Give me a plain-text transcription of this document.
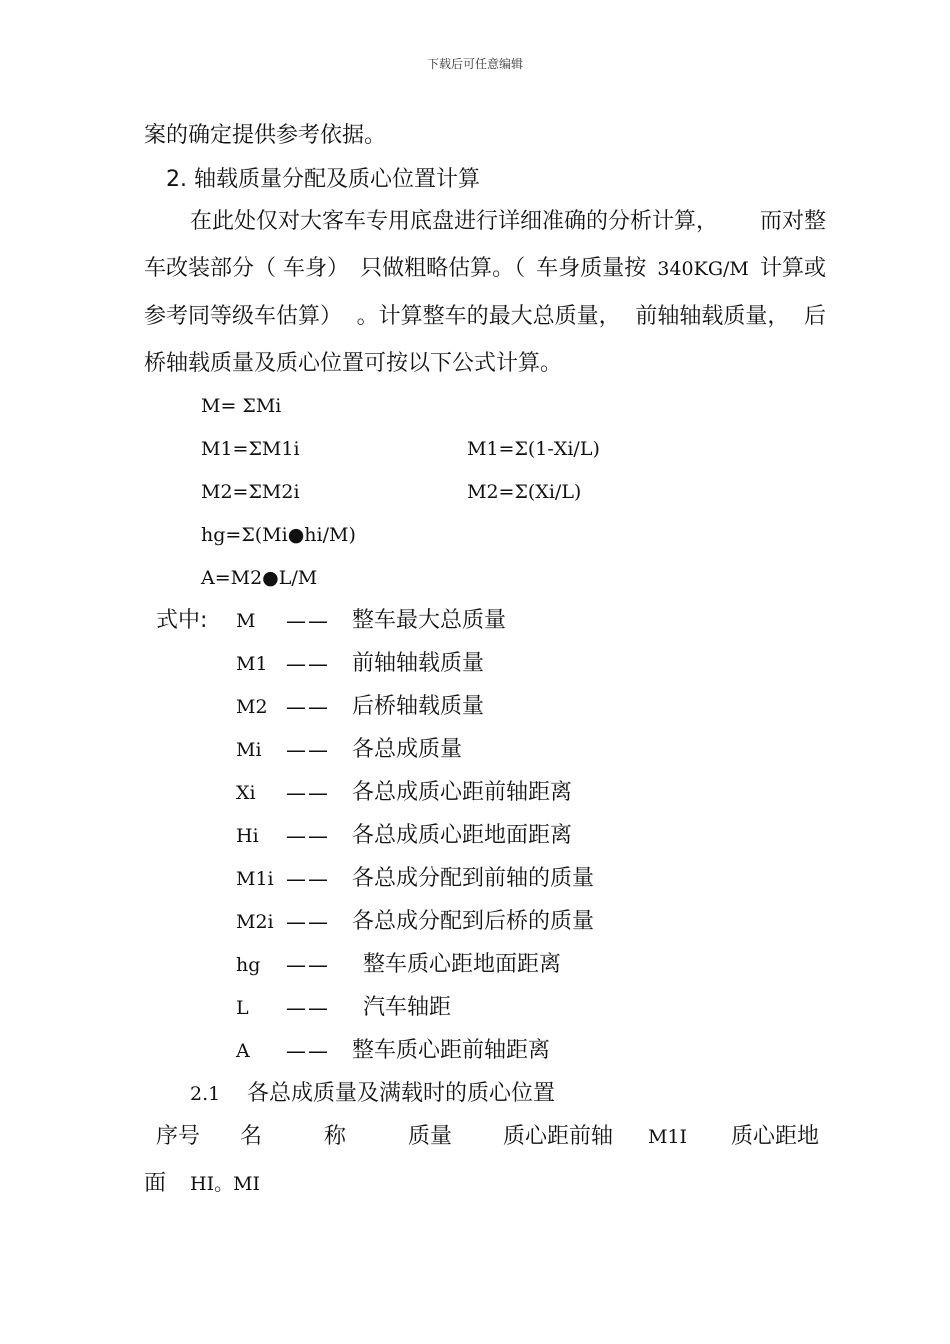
下载后可任意编辑
案的确定提供参考依据。
2. 轴载质量分配及质心位置计算
在此处仅对大客车专用底盘进行详细准确的分析计算， 而对整
车改装部分（ 车身） 只做粗略估算。（ 车身质量按 340KG/M 计算或
参考同等级车估算） 。计算整车的最大总质量， 前轴轴载质量， 后
桥轴载质量及质心位置可按以下公式计算。
M= ΣMi
M1=ΣM1i	M1=Σ(1-Xi/L)
M2=ΣM2i	M2=Σ(Xi/L)
hg=Σ(Mi●hi/M)
A=M2●L/M
式中: M —— 整车最大总质量
M1 —— 前轴轴载质量
M2 —— 后桥轴载质量
Mi —— 各总成质量
Xi —— 各总成质心距前轴距离
Hi —— 各总成质心距地面距离
M1i —— 各总成分配到前轴的质量
M2i —— 各总成分配到后桥的质量
hg —— 整车质心距地面距离
L —— 汽车轴距
A —— 整车质心距前轴距离
2.1 各总成质量及满载时的质心位置
序号 名	称	质量 质心距前轴 M1I 质心距地
面 HI。MI
